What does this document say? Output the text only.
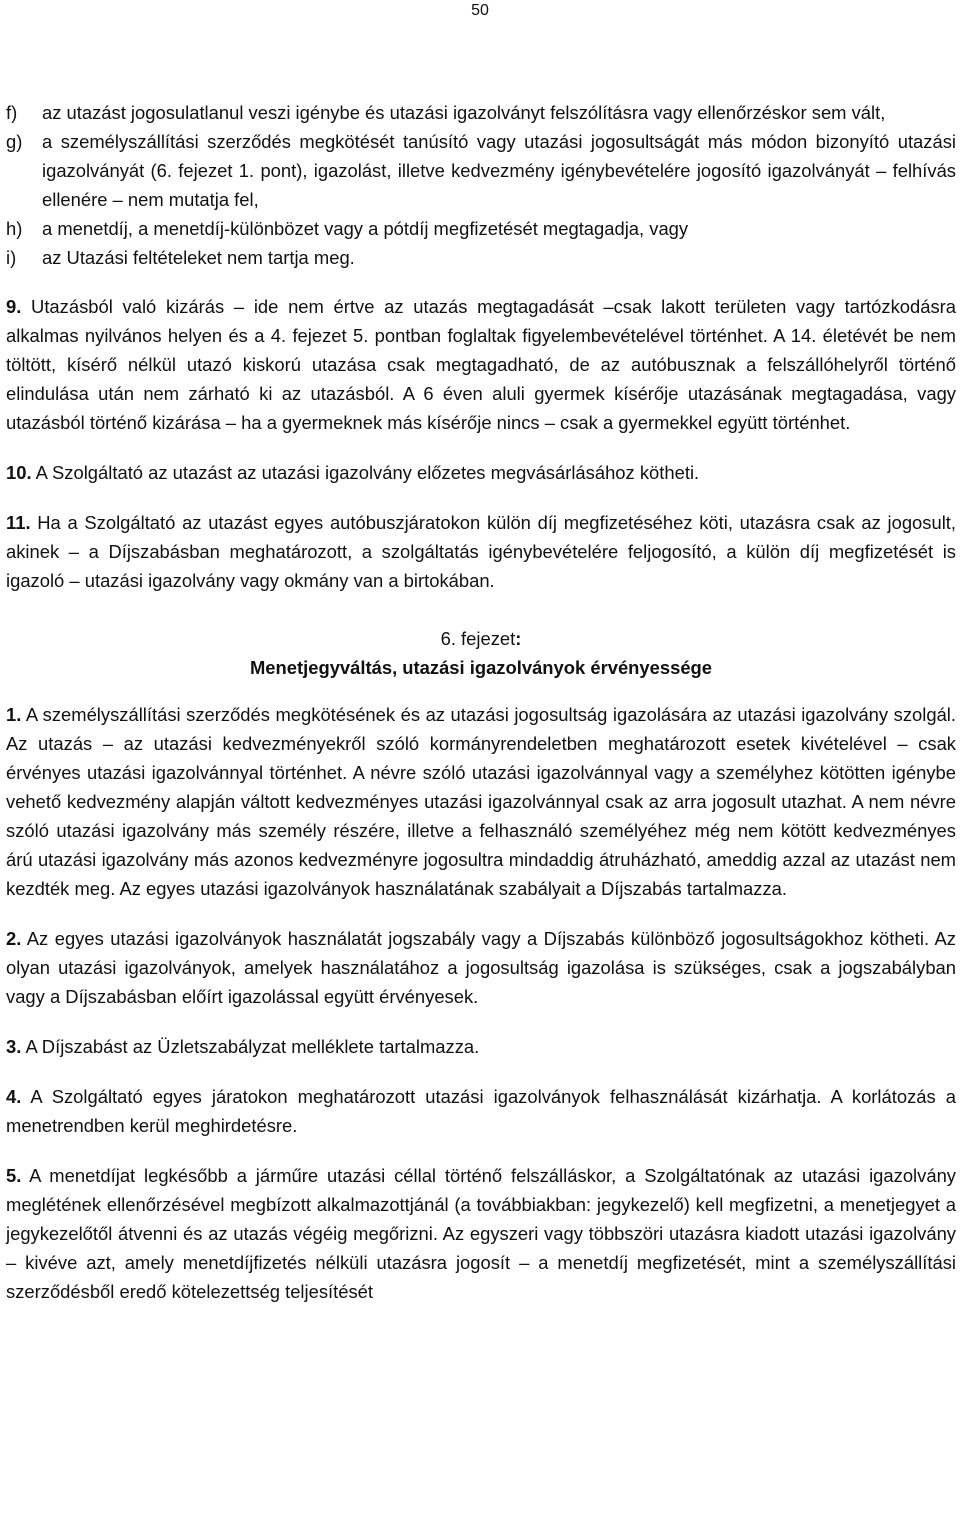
50
f)	az utazást jogosulatlanul veszi igénybe és utazási igazolványt felszólításra vagy ellenőrzéskor sem vált,
g)	a személyszállítási szerződés megkötését tanúsító vagy utazási jogosultságát más módon bizonyító utazási igazolványát (6. fejezet 1. pont), igazolást, illetve kedvezmény igénybevételére jogosító igazolványát – felhívás ellenére – nem mutatja fel,
h)	a menetdíj, a menetdíj-különbözet vagy a pótdíj megfizetését megtagadja, vagy
i)	az Utazási feltételeket nem tartja meg.

9. Utazásból való kizárás – ide nem értve az utazás megtagadását –csak lakott területen vagy tartózkodásra alkalmas nyilvános helyen és a 4. fejezet 5. pontban foglaltak figyelembevételével történhet. A 14. életévét be nem töltött, kísérő nélkül utazó kiskorú utazása csak megtagadható, de az autóbusznak a felszállóhelyről történő elindulása után nem zárható ki az utazásból. A 6 éven aluli gyermek kísérője utazásának megtagadása, vagy utazásból történő kizárása – ha a gyermeknek más kísérője nincs – csak a gyermekkel együtt történhet.

10. A Szolgáltató az utazást az utazási igazolvány előzetes megvásárlásához kötheti.

11. Ha a Szolgáltató az utazást egyes autóbuszjáratokon külön díj megfizetéséhez köti, utazásra csak az jogosult, akinek – a Díjszabásban meghatározott, a szolgáltatás igénybevételére feljogosító, a külön díj megfizetését is igazoló – utazási igazolvány vagy okmány van a birtokában.

6. fejezet:
Menetjegyváltás, utazási igazolványok érvényessége

1. A személyszállítási szerződés megkötésének és az utazási jogosultság igazolására az utazási igazolvány szolgál. Az utazás – az utazási kedvezményekről szóló kormányrendeletben meghatározott esetek kivételével – csak érvényes utazási igazolvánnyal történhet. A névre szóló utazási igazolvánnyal vagy a személyhez kötötten igénybe vehető kedvezmény alapján váltott kedvezményes utazási igazolvánnyal csak az arra jogosult utazhat. A nem névre szóló utazási igazolvány más személy részére, illetve a felhasználó személyéhez még nem kötött kedvezményes árú utazási igazolvány más azonos kedvezményre jogosultra mindaddig átruházható, ameddig azzal az utazást nem kezdték meg. Az egyes utazási igazolványok használatának szabályait a Díjszabás tartalmazza.

2. Az egyes utazási igazolványok használatát jogszabály vagy a Díjszabás különböző jogosultságokhoz kötheti. Az olyan utazási igazolványok, amelyek használatához a jogosultság igazolása is szükséges, csak a jogszabályban vagy a Díjszabásban előírt igazolással együtt érvényesek.

3. A Díjszabást az Üzletszabályzat melléklete tartalmazza.

4. A Szolgáltató egyes járatokon meghatározott utazási igazolványok felhasználását kizárhatja. A korlátozás a menetrendben kerül meghirdetésre.

5. A menetdíjat legkésőbb a járműre utazási céllal történő felszálláskor, a Szolgáltatónak az utazási igazolvány meglétének ellenőrzésével megbízott alkalmazottjánál (a továbbiakban: jegykezelő) kell megfizetni, a menetjegyet a jegykezelőtől átvenni és az utazás végéig megőrizni. Az egyszeri vagy többszöri utazásra kiadott utazási igazolvány – kivéve azt, amely menetdíjfizetés nélküli utazásra jogosít – a menetdíj megfizetését, mint a személyszállítási szerződésből eredő kötelezettség teljesítését
